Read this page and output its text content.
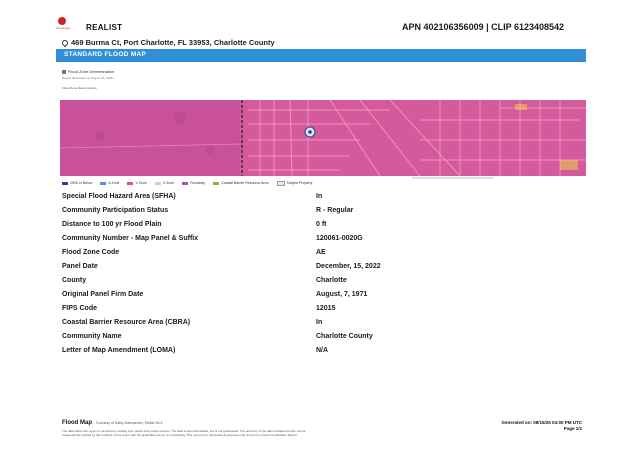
CoreLogic REALIST	APN 402106356009 | CLIP 6123408542
469 Burma Ct, Port Charlotte, FL 33953, Charlotte County
STANDARD FLOOD MAP
Flood Zone Determination
Report Generated on August 15, 2025
Flood Zone Determination
▭ ▭ ▭ ▭ ▭ ▭ ▭ ▭ ▭ ▭ ▭ ▭ ▭ ▭ ▭ ▭ ▭ ▭ ▭ ▭ ▭ ▭ ▭ ▭
2500 or Below	A Zone	V Zone	X Zone	Floodway	Coastal Barrier Resource Area	Subject Property
Special Flood Hazard Area (SFHA)	In
Community Participation Status	R - Regular
Distance to 100 yr Flood Plain	0 ft
Community Number - Map Panel & Suffix	120061-0020G
Flood Zone Code	AE
Panel Date	December, 15, 2022
County	Charlotte
Original Panel Firm Date	August, 7, 1971
FIPS Code	12015
Coastal Barrier Resource Area (CBRA)	In
Community Name	Charlotte County
Letter of Map Amendment (LOMA)	N/A
Flood Map Courtesy of Kathy Dalesandro, Stellar MLS
The data within this report is compiled by Cotality from public and private sources. The data is deemed reliable, but is not guaranteed. The accuracy of the data contained herein can be
independently verified by the recipient of this report with the applicable county or municipality. This report is for informational purposes only and is not a Flood Certification Report.
Generated on: 08/15/25 04:00 PM UTC
Page 1/2
